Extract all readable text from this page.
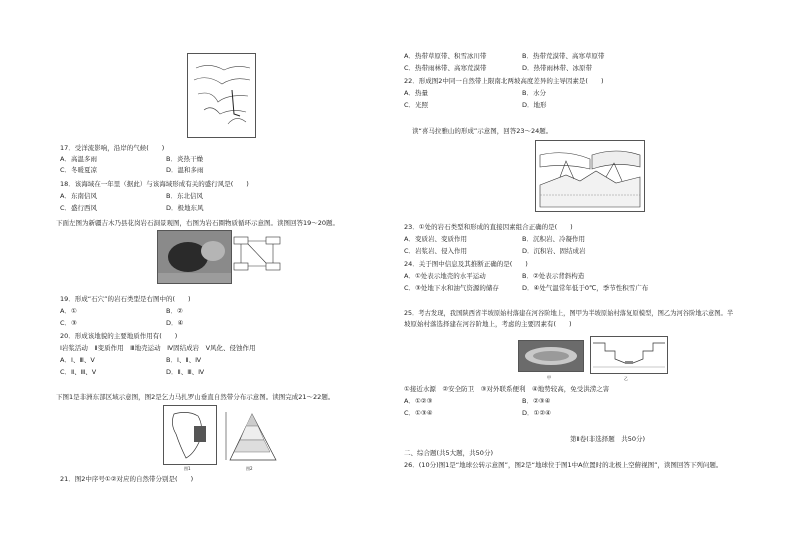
17．受洋流影响，沿岸的气候(　　)
A．高温多雨	B．炎热干燥
C．冬暖夏凉	D．温和多雨
18．该海域在一年里（据此）与该海域形成有关的盛行风是(　　)
A．东南信风	B．东北信风
C．盛行西风	D．极地东风
下面左图为新疆吉木乃县花岗岩石洞景观图，右图为岩石圈物质循环示意图。读图回答19～20题。
19．形成“石穴”的岩石类型是右图中的(　　)
A．①	B．②
C．③	D．④
20．形成该地貌的主要地质作用有(　　)
Ⅰ岩浆活动　Ⅱ变质作用　Ⅲ地壳运动　Ⅳ固结成岩　Ⅴ风化、侵蚀作用
A．Ⅰ、Ⅲ、Ⅴ	B．Ⅰ、Ⅱ、Ⅳ
C．Ⅱ、Ⅲ、Ⅴ	D．Ⅱ、Ⅲ、Ⅳ
下图1是非洲东部区域示意图，图2是乞力马扎罗山垂直自然带分布示意图。读图完成21～22题。
图1	图2
21．图2中序号①②对应的自然带分别是(　　)
A．热带草原带、积雪冰川带	B．热带荒漠带、高寒草原带
C．热带雨林带、高寒荒漠带	D．热带雨林带、冰原带
22．形成图2中同一自然带上限南北两坡高度差异的主导因素是(　　)
A．热量	B．水分
C．光照	D．地形
读“喜马拉雅山的形成”示意图，回答23～24题。
23．①处的岩石类型和形成的直接因素组合正确的是(　　)
A．变质岩、变质作用	B．沉积岩、冷凝作用
C．岩浆岩、侵入作用	D．沉积岩、固结成岩
24．关于图中信息及其推断正确的是(　　)
A．①处表示地壳的水平运动	B．②处表示背斜构造
C．③处地下水和油气资源的储存	D．④处气温常年低于0℃，季节性积雪广布
25．考古发现，我国陕西省半坡原始村落建在河谷阶地上，图甲为半坡原始村落复原模型，图乙为河谷阶地示意图。半
坡原始村落选择建在河谷阶地上，考虑的主要因素有(　　)
甲	乙
①接近水源　②安全防卫　③对外联系便利　④地势较高，免受洪涝之害
A．①②③	B．②③④
C．①③④	D．①②④
第Ⅱ卷(非选择题　共50分)
二、综合题(共5大题，共50分)
26．(10分)图1是“地球公转示意图”，图2是“地球位于图1中A位置时的北极上空俯视图”，读图回答下列问题。
